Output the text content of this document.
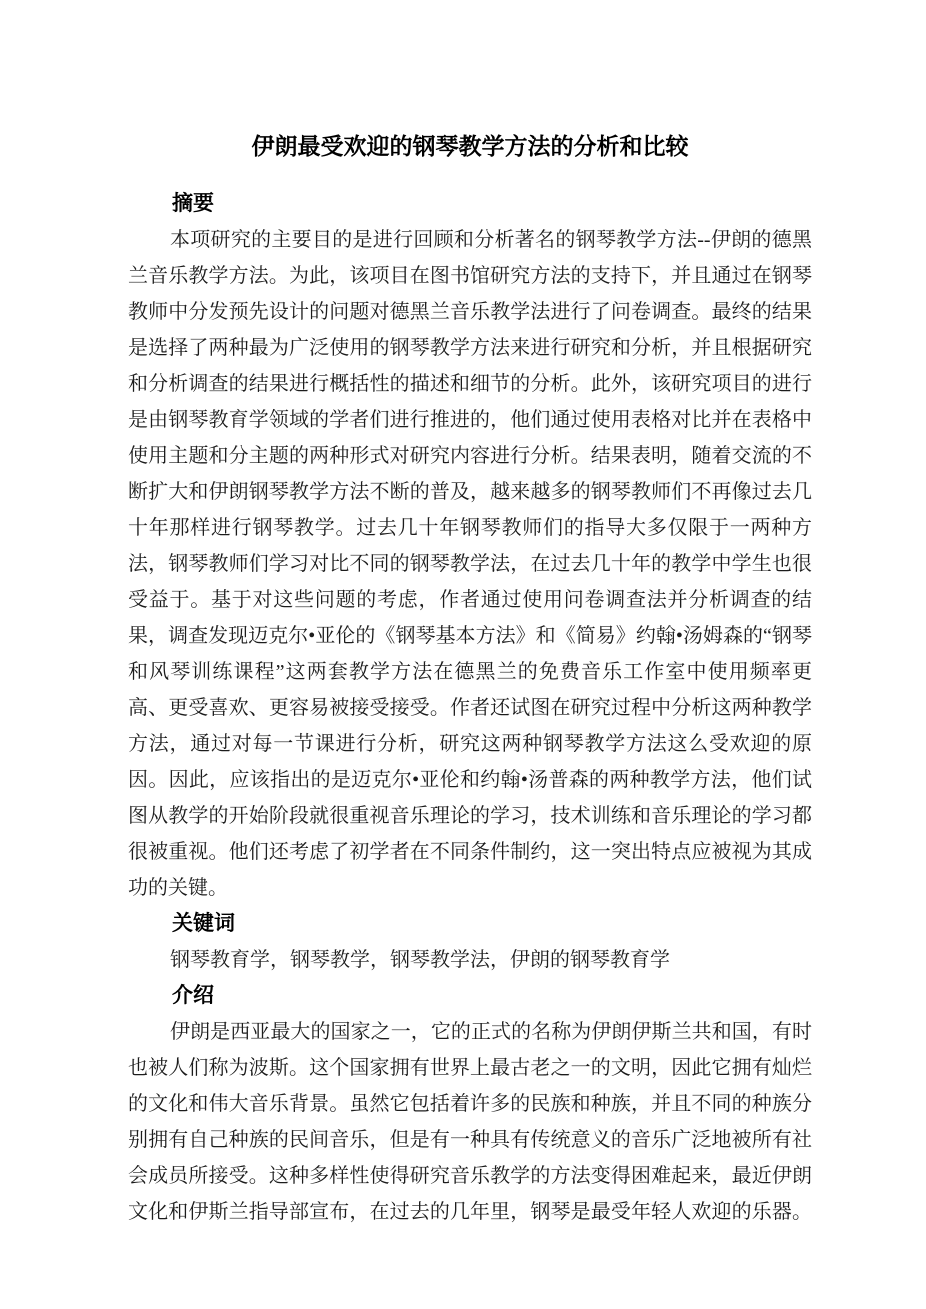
伊朗最受欢迎的钢琴教学方法的分析和比较
摘要

本项研究的主要目的是进行回顾和分析著名的钢琴教学方法--伊朗的德黑兰音乐教学方法。为此，该项目在图书馆研究方法的支持下，并且通过在钢琴教师中分发预先设计的问题对德黑兰音乐教学法进行了问卷调查。最终的结果是选择了两种最为广泛使用的钢琴教学方法来进行研究和分析，并且根据研究和分析调查的结果进行概括性的描述和细节的分析。此外，该研究项目的进行是由钢琴教育学领域的学者们进行推进的，他们通过使用表格对比并在表格中使用主题和分主题的两种形式对研究内容进行分析。结果表明，随着交流的不断扩大和伊朗钢琴教学方法不断的普及，越来越多的钢琴教师们不再像过去几十年那样进行钢琴教学。过去几十年钢琴教师们的指导大多仅限于一两种方法，钢琴教师们学习对比不同的钢琴教学法，在过去几十年的教学中学生也很受益于。基于对这些问题的考虑，作者通过使用问卷调查法并分析调查的结果，调查发现迈克尔•亚伦的《钢琴基本方法》和《简易》约翰•汤姆森的“钢琴和风琴训练课程”这两套教学方法在德黑兰的免费音乐工作室中使用频率更高、更受喜欢、更容易被接受接受。作者还试图在研究过程中分析这两种教学方法，通过对每一节课进行分析，研究这两种钢琴教学方法这么受欢迎的原因。因此，应该指出的是迈克尔•亚伦和约翰•汤普森的两种教学方法，他们试图从教学的开始阶段就很重视音乐理论的学习，技术训练和音乐理论的学习都很被重视。他们还考虑了初学者在不同条件制约，这一突出特点应被视为其成功的关键。

关键词

钢琴教育学，钢琴教学，钢琴教学法，伊朗的钢琴教育学

介绍

伊朗是西亚最大的国家之一，它的正式的名称为伊朗伊斯兰共和国，有时也被人们称为波斯。这个国家拥有世界上最古老之一的文明，因此它拥有灿烂的文化和伟大音乐背景。虽然它包括着许多的民族和种族，并且不同的种族分别拥有自己种族的民间音乐，但是有一种具有传统意义的音乐广泛地被所有社会成员所接受。这种多样性使得研究音乐教学的方法变得困难起来，最近伊朗文化和伊斯兰指导部宣布，在过去的几年里，钢琴是最受年轻人欢迎的乐器。
